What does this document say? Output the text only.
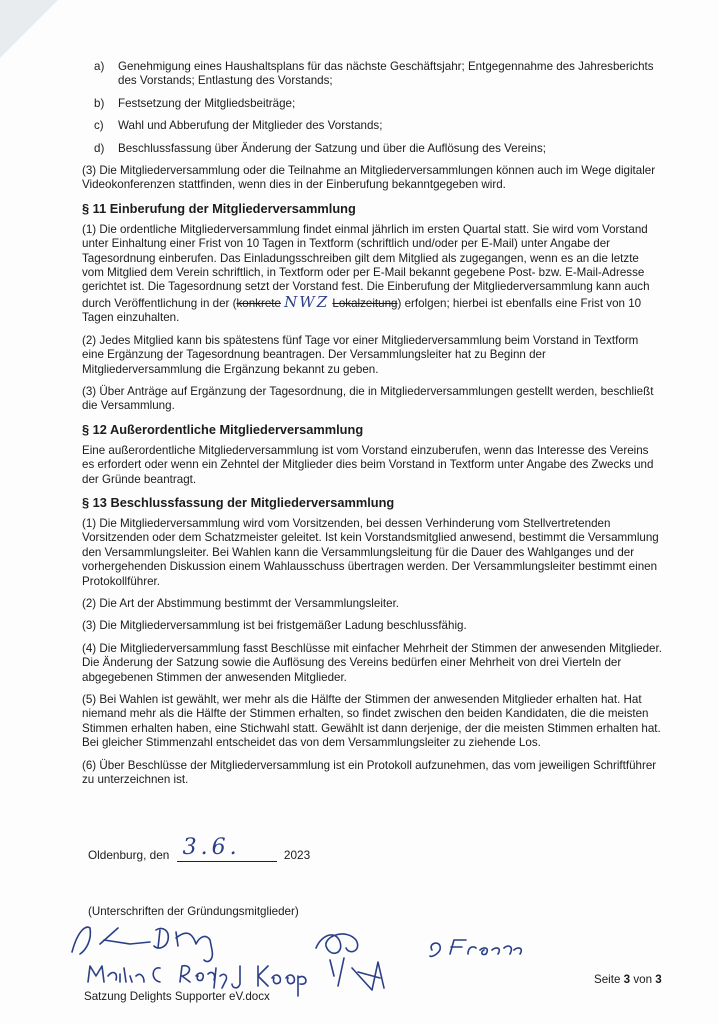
a) Genehmigung eines Haushaltsplans für das nächste Geschäftsjahr; Entgegennahme des Jahresberichts des Vorstands; Entlastung des Vorstands;
b) Festsetzung der Mitgliedsbeiträge;
c) Wahl und Abberufung der Mitglieder des Vorstands;
d) Beschlussfassung über Änderung der Satzung und über die Auflösung des Vereins;

(3) Die Mitgliederversammlung oder die Teilnahme an Mitgliederversammlungen können auch im Wege digitaler Videokonferenzen stattfinden, wenn dies in der Einberufung bekanntgegeben wird.

§ 11 Einberufung der Mitgliederversammlung

(1) Die ordentliche Mitgliederversammlung findet einmal jährlich im ersten Quartal statt. Sie wird vom Vorstand unter Einhaltung einer Frist von 10 Tagen in Textform (schriftlich und/oder per E-Mail) unter Angabe der Tagesordnung einberufen. Das Einladungsschreiben gilt dem Mitglied als zugegangen, wenn es an die letzte vom Mitglied dem Verein schriftlich, in Textform oder per E-Mail bekannt gegebene Post- bzw. E-Mail-Adresse gerichtet ist. Die Tagesordnung setzt der Vorstand fest. Die Einberufung der Mitgliederversammlung kann auch durch Veröffentlichung in der (konkrete NWZ Lokalzeitung) erfolgen; hierbei ist ebenfalls eine Frist von 10 Tagen einzuhalten.

(2) Jedes Mitglied kann bis spätestens fünf Tage vor einer Mitgliederversammlung beim Vorstand in Textform eine Ergänzung der Tagesordnung beantragen. Der Versammlungsleiter hat zu Beginn der Mitgliederversammlung die Ergänzung bekannt zu geben.

(3) Über Anträge auf Ergänzung der Tagesordnung, die in Mitgliederversammlungen gestellt werden, beschließt die Versammlung.

§ 12 Außerordentliche Mitgliederversammlung

Eine außerordentliche Mitgliederversammlung ist vom Vorstand einzuberufen, wenn das Interesse des Vereins es erfordert oder wenn ein Zehntel der Mitglieder dies beim Vorstand in Textform unter Angabe des Zwecks und der Gründe beantragt.

§ 13 Beschlussfassung der Mitgliederversammlung

(1) Die Mitgliederversammlung wird vom Vorsitzenden, bei dessen Verhinderung vom Stellvertretenden Vorsitzenden oder dem Schatzmeister geleitet. Ist kein Vorstandsmitglied anwesend, bestimmt die Versammlung den Versammlungsleiter. Bei Wahlen kann die Versammlungsleitung für die Dauer des Wahlganges und der vorhergehenden Diskussion einem Wahlausschuss übertragen werden. Der Versammlungsleiter bestimmt einen Protokollführer.

(2) Die Art der Abstimmung bestimmt der Versammlungsleiter.

(3) Die Mitgliederversammlung ist bei fristgemäßer Ladung beschlussfähig.

(4) Die Mitgliederversammlung fasst Beschlüsse mit einfacher Mehrheit der Stimmen der anwesenden Mitglieder. Die Änderung der Satzung sowie die Auflösung des Vereins bedürfen einer Mehrheit von drei Vierteln der abgegebenen Stimmen der anwesenden Mitglieder.

(5) Bei Wahlen ist gewählt, wer mehr als die Hälfte der Stimmen der anwesenden Mitglieder erhalten hat. Hat niemand mehr als die Hälfte der Stimmen erhalten, so findet zwischen den beiden Kandidaten, die die meisten Stimmen erhalten haben, eine Stichwahl statt. Gewählt ist dann derjenige, der die meisten Stimmen erhalten hat. Bei gleicher Stimmenzahl entscheidet das von dem Versammlungsleiter zu ziehende Los.

(6) Über Beschlüsse der Mitgliederversammlung ist ein Protokoll aufzunehmen, das vom jeweiligen Schriftführer zu unterzeichnen ist.

Oldenburg, den 3.6.	2023
(Unterschriften der Gründungsmitglieder)
Satzung Delights Supporter eV.docx
Seite 3 von 3
